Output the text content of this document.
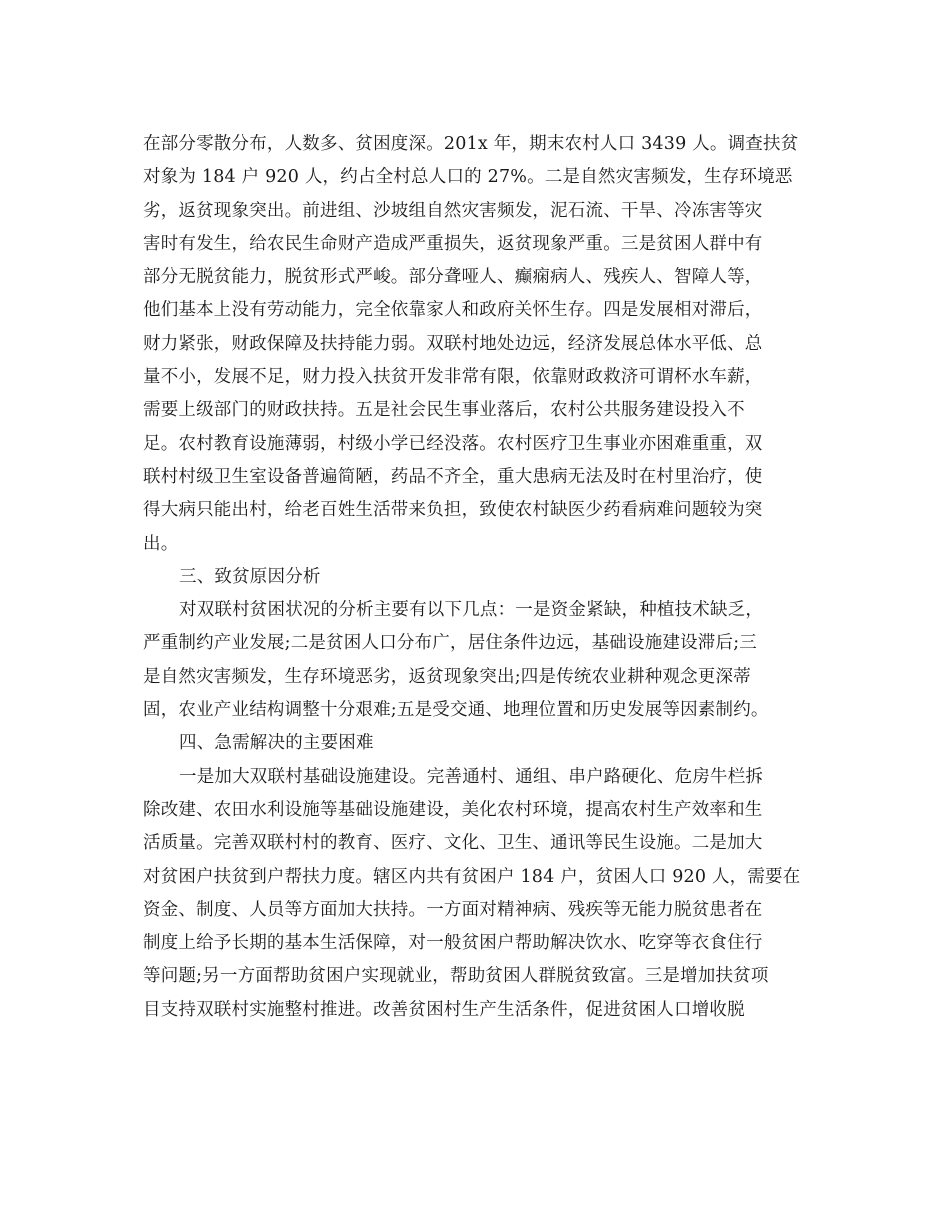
在部分零散分布，人数多、贫困度深。201x 年，期末农村人口 3439 人。调查扶贫
对象为 184 户 920 人，约占全村总人口的 27%。二是自然灾害频发，生存环境恶
劣，返贫现象突出。前进组、沙坡组自然灾害频发，泥石流、干旱、冷冻害等灾
害时有发生，给农民生命财产造成严重损失，返贫现象严重。三是贫困人群中有
部分无脱贫能力，脱贫形式严峻。部分聋哑人、癫痫病人、残疾人、智障人等，
他们基本上没有劳动能力，完全依靠家人和政府关怀生存。四是发展相对滞后，
财力紧张，财政保障及扶持能力弱。双联村地处边远，经济发展总体水平低、总
量不小，发展不足，财力投入扶贫开发非常有限，依靠财政救济可谓杯水车薪，
需要上级部门的财政扶持。五是社会民生事业落后，农村公共服务建设投入不
足。农村教育设施薄弱，村级小学已经没落。农村医疗卫生事业亦困难重重，双
联村村级卫生室设备普遍简陋，药品不齐全，重大患病无法及时在村里治疗，使
得大病只能出村，给老百姓生活带来负担，致使农村缺医少药看病难问题较为突
出。
三、致贫原因分析
对双联村贫困状况的分析主要有以下几点：一是资金紧缺，种植技术缺乏，
严重制约产业发展;二是贫困人口分布广，居住条件边远，基础设施建设滞后;三
是自然灾害频发，生存环境恶劣，返贫现象突出;四是传统农业耕种观念更深蒂
固，农业产业结构调整十分艰难;五是受交通、地理位置和历史发展等因素制约。
四、急需解决的主要困难
一是加大双联村基础设施建设。完善通村、通组、串户路硬化、危房牛栏拆
除改建、农田水利设施等基础设施建设，美化农村环境，提高农村生产效率和生
活质量。完善双联村村的教育、医疗、文化、卫生、通讯等民生设施。二是加大
对贫困户扶贫到户帮扶力度。辖区内共有贫困户 184 户，贫困人口 920 人，需要在
资金、制度、人员等方面加大扶持。一方面对精神病、残疾等无能力脱贫患者在
制度上给予长期的基本生活保障，对一般贫困户帮助解决饮水、吃穿等衣食住行
等问题;另一方面帮助贫困户实现就业，帮助贫困人群脱贫致富。三是增加扶贫项
目支持双联村实施整村推进。改善贫困村生产生活条件，促进贫困人口增收脱
